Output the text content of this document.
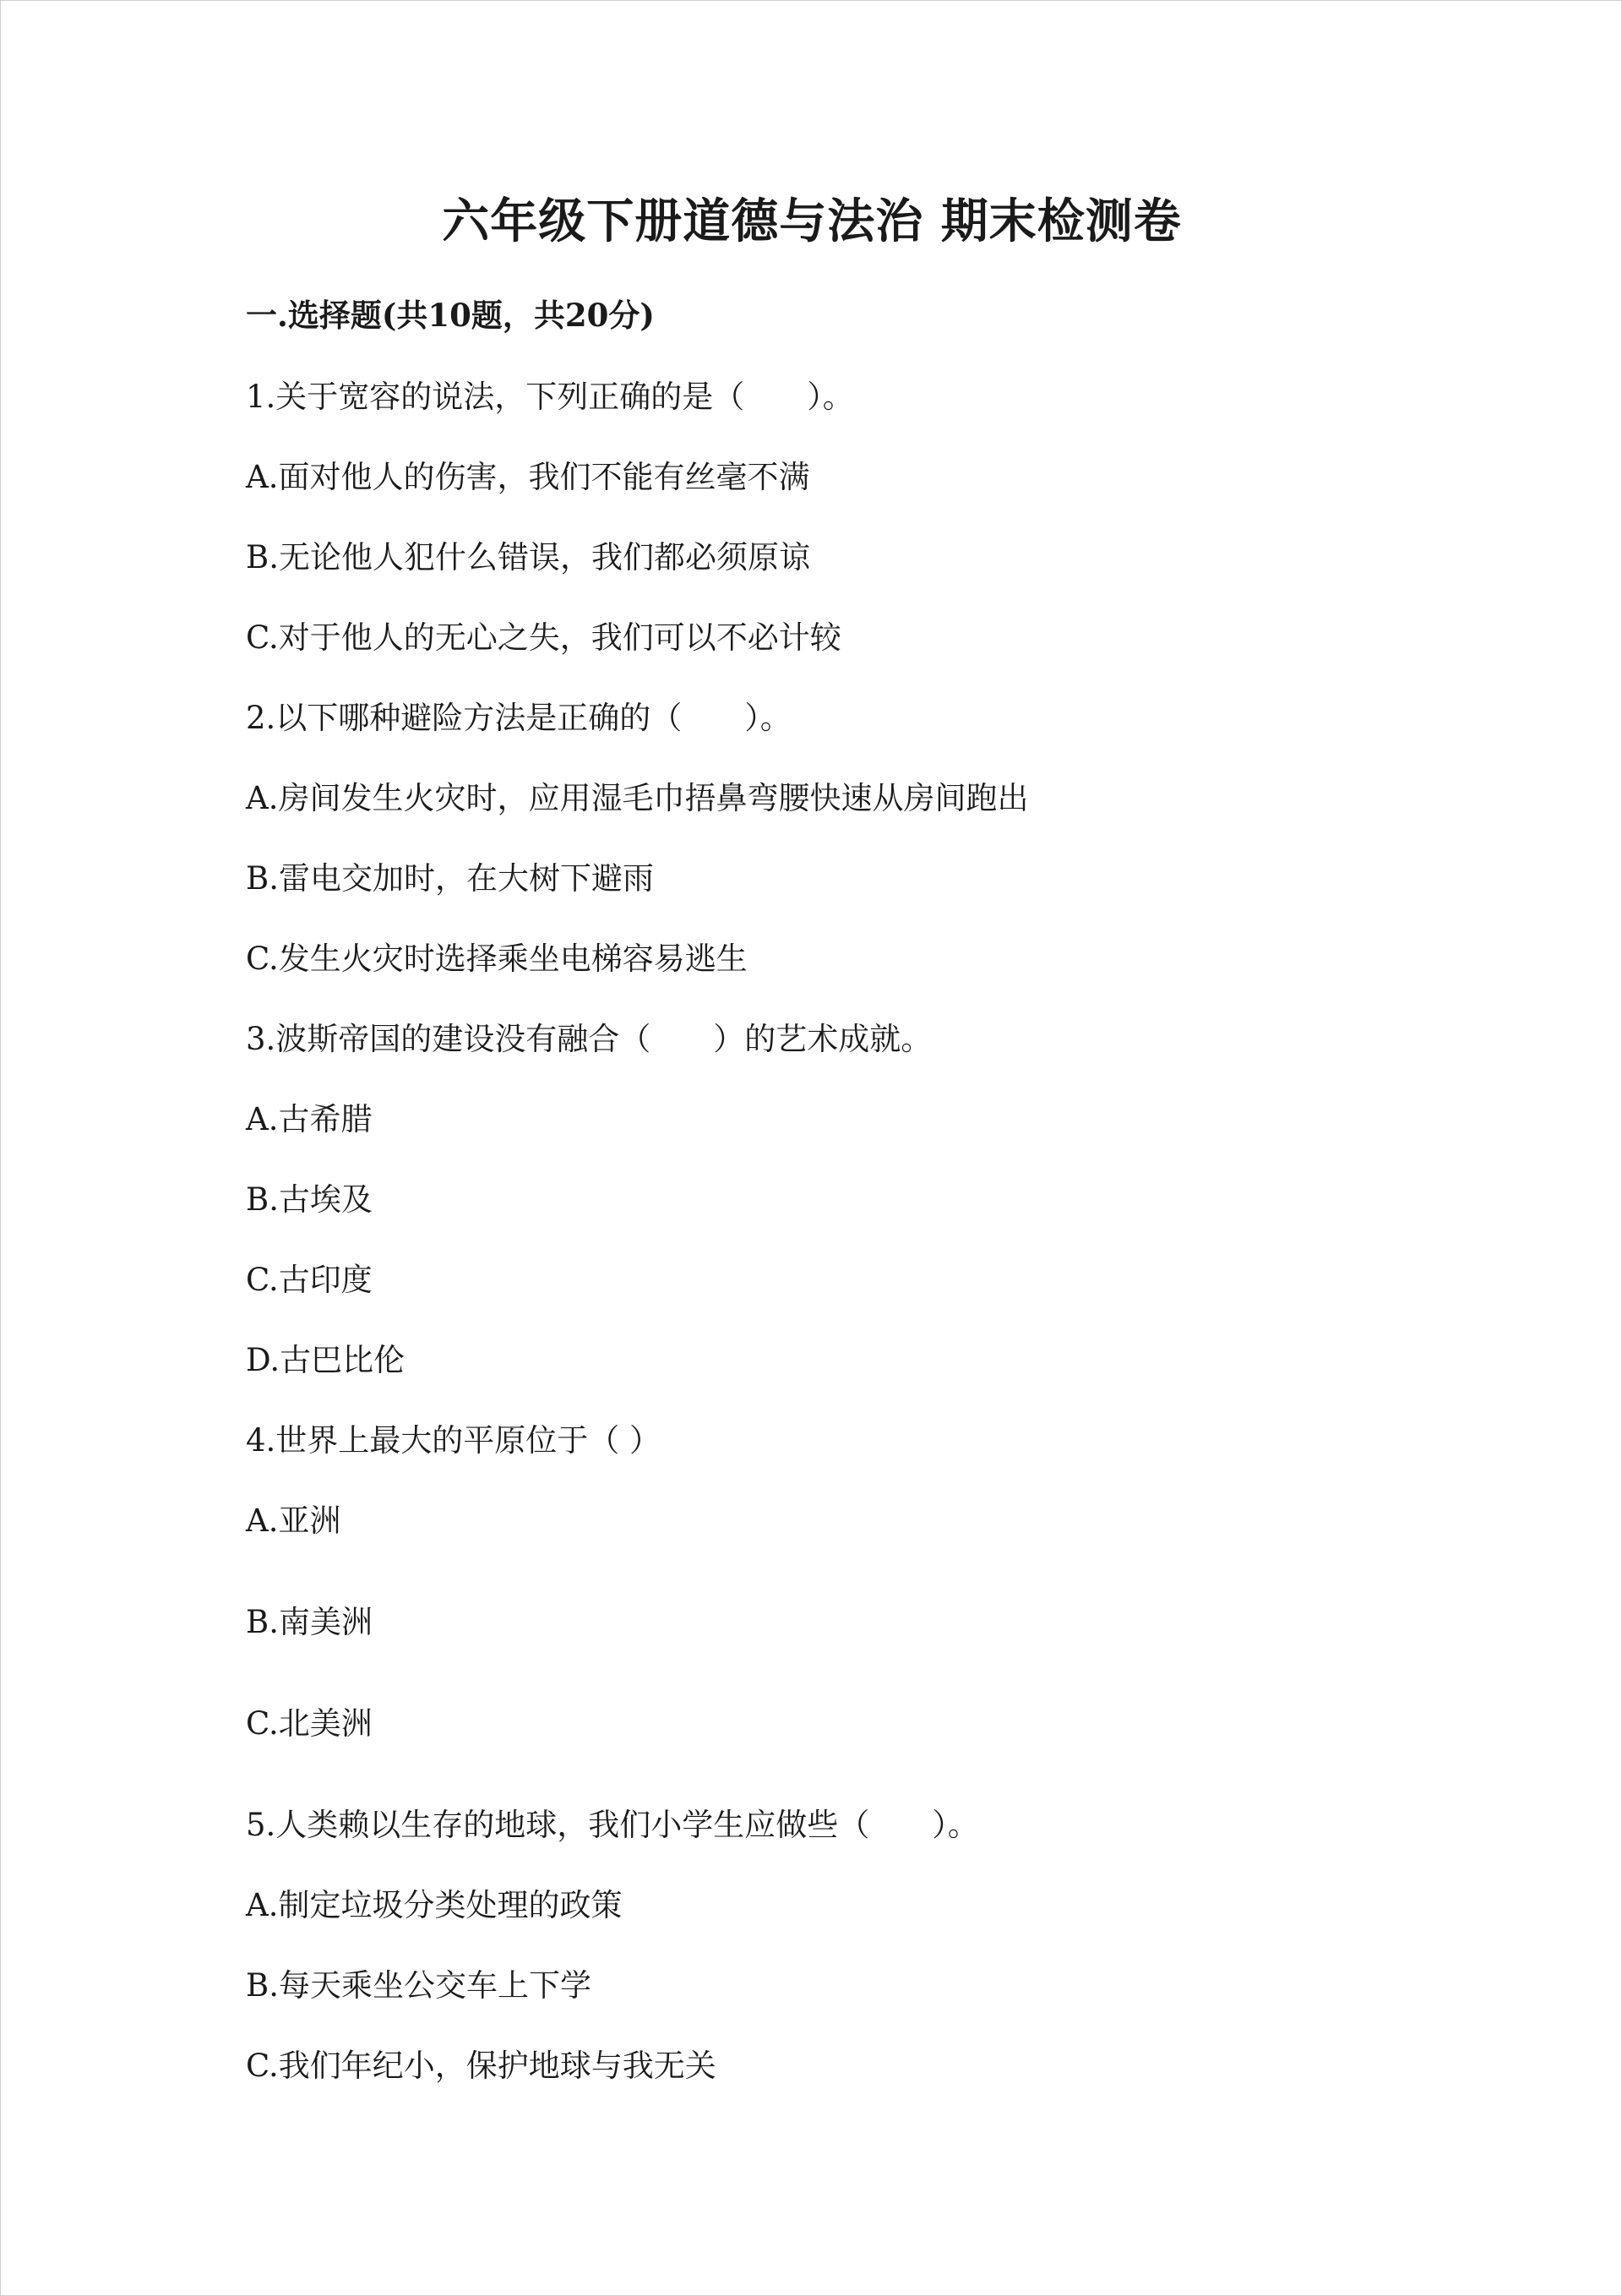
六年级下册道德与法治 期末检测卷
一.选择题(共10题，共20分)
1.关于宽容的说法，下列正确的是（　　）。
A.面对他人的伤害，我们不能有丝毫不满
B.无论他人犯什么错误，我们都必须原谅
C.对于他人的无心之失，我们可以不必计较
2.以下哪种避险方法是正确的（　　）。
A.房间发生火灾时，应用湿毛巾捂鼻弯腰快速从房间跑出
B.雷电交加时，在大树下避雨
C.发生火灾时选择乘坐电梯容易逃生
3.波斯帝国的建设没有融合（　　）的艺术成就。
A.古希腊
B.古埃及
C.古印度
D.古巴比伦
4.世界上最大的平原位于（ ）
A.亚洲
B.南美洲
C.北美洲
5.人类赖以生存的地球，我们小学生应做些（　　）。
A.制定垃圾分类处理的政策
B.每天乘坐公交车上下学
C.我们年纪小，保护地球与我无关
